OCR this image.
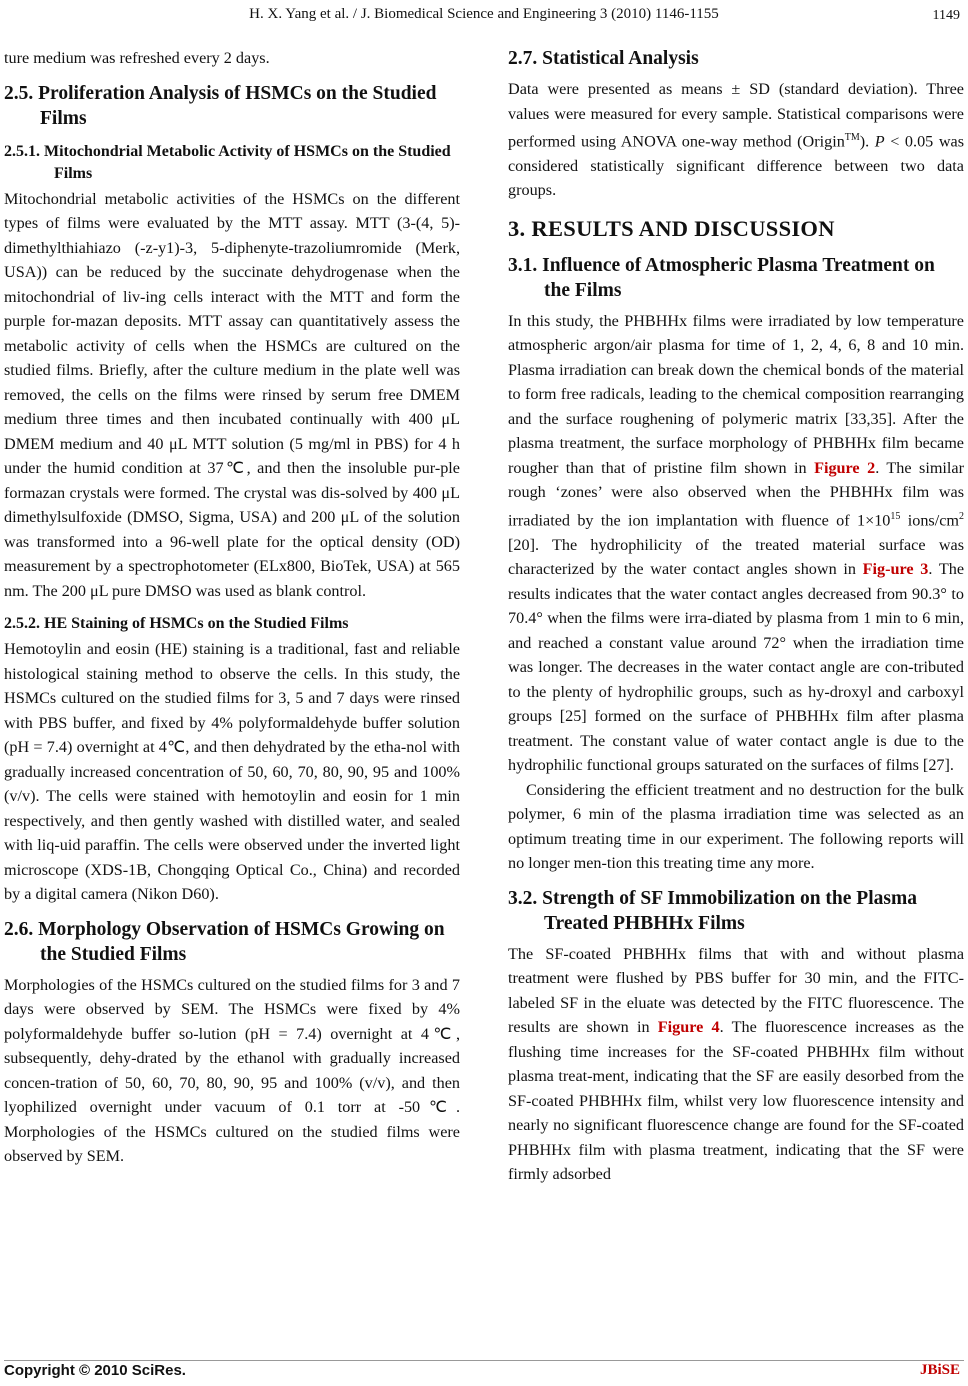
H. X. Yang et al. / J. Biomedical Science and Engineering 3 (2010) 1146-1155	1149

ture medium was refreshed every 2 days.

2.5. Proliferation Analysis of HSMCs on the Studied Films
2.5.1. Mitochondrial Metabolic Activity of HSMCs on the Studied Films

Mitochondrial metabolic activities of the HSMCs on the different types of films were evaluated by the MTT assay. MTT (3-(4, 5)-dimethylthiahiazo (-z-y1)-3, 5-diphenyte-trazoliumromide (Merk, USA)) can be reduced by the succinate dehydrogenase when the mitochondrial of liv-ing cells interact with the MTT and form the purple for-mazan deposits. MTT assay can quantitatively assess the metabolic activity of cells when the HSMCs are cultured on the studied films. Briefly, after the culture medium in the plate well was removed, the cells on the films were rinsed by serum free DMEM medium three times and then incubated continually with 400 μL DMEM medium and 40 μL MTT solution (5 mg/ml in PBS) for 4 h under the humid condition at 37℃, and then the insoluble pur-ple formazan crystals were formed. The crystal was dis-solved by 400 μL dimethylsulfoxide (DMSO, Sigma, USA) and 200 μL of the solution was transformed into a 96-well plate for the optical density (OD) measurement by a spectrophotometer (ELx800, BioTek, USA) at 565 nm. The 200 μL pure DMSO was used as blank control.

2.5.2. HE Staining of HSMCs on the Studied Films

Hemotoylin and eosin (HE) staining is a traditional, fast and reliable histological staining method to observe the cells. In this study, the HSMCs cultured on the studied films for 3, 5 and 7 days were rinsed with PBS buffer, and fixed by 4% polyformaldehyde buffer solution (pH = 7.4) overnight at 4℃, and then dehydrated by the etha-nol with gradually increased concentration of 50, 60, 70, 80, 90, 95 and 100% (v/v). The cells were stained with hemotoylin and eosin for 1 min respectively, and then gently washed with distilled water, and sealed with liq-uid paraffin. The cells were observed under the inverted light microscope (XDS-1B, Chongqing Optical Co., China) and recorded by a digital camera (Nikon D60).

2.6. Morphology Observation of HSMCs Growing on the Studied Films

Morphologies of the HSMCs cultured on the studied films for 3 and 7 days were observed by SEM. The HSMCs were fixed by 4% polyformaldehyde buffer so-lution (pH = 7.4) overnight at 4℃, subsequently, dehy-drated by the ethanol with gradually increased concen-tration of 50, 60, 70, 80, 90, 95 and 100% (v/v), and then lyophilized overnight under vacuum of 0.1 torr at -50℃. Morphologies of the HSMCs cultured on the studied films were observed by SEM.

2.7. Statistical Analysis

Data were presented as means ± SD (standard deviation). Three values were measured for every sample. Statistical comparisons were performed using ANOVA one-way method (Origin™). P < 0.05 was considered statistically significant difference between two data groups.

3. RESULTS AND DISCUSSION
3.1. Influence of Atmospheric Plasma Treatment on the Films

In this study, the PHBHHx films were irradiated by low temperature atmospheric argon/air plasma for time of 1, 2, 4, 6, 8 and 10 min. Plasma irradiation can break down the chemical bonds of the material to form free radicals, leading to the chemical composition rearranging and the surface roughening of polymeric matrix [33,35]. After the plasma treatment, the surface morphology of PHBHHx film became rougher than that of pristine film shown in Figure 2. The similar rough ‘zones’ were also observed when the PHBHHx film was irradiated by the ion implantation with fluence of $1\times 10^{15}$ ions/$cm^2$ [20]. The hydrophilicity of the treated material surface was characterized by the water contact angles shown in Fig-ure 3. The results indicates that the water contact angles decreased from 90.3° to 70.4° when the films were irra-diated by plasma from 1 min to 6 min, and reached a constant value around 72° when the irradiation time was longer. The decreases in the water contact angle are con-tributed to the plenty of hydrophilic groups, such as hy-droxyl and carboxyl groups [25] formed on the surface of PHBHHx film after plasma treatment. The constant value of water contact angle is due to the hydrophilic functional groups saturated on the surfaces of films [27].

Considering the efficient treatment and no destruction for the bulk polymer, 6 min of the plasma irradiation time was selected as an optimum treating time in our experiment. The following reports will no longer men-tion this treating time any more.

3.2. Strength of SF Immobilization on the Plasma Treated PHBHHx Films

The SF-coated PHBHHx films that with and without plasma treatment were flushed by PBS buffer for 30 min, and the FITC-labeled SF in the eluate was detected by the FITC fluorescence. The results are shown in Figure 4. The fluorescence increases as the flushing time increases for the SF-coated PHBHHx film without plasma treat-ment, indicating that the SF are easily desorbed from the SF-coated PHBHHx film, whilst very low fluorescence intensity and nearly no significant fluorescence change are found for the SF-coated PHBHHx film with plasma treatment, indicating that the SF were firmly adsorbed

Copyright © 2010 SciRes.	JBiSE
